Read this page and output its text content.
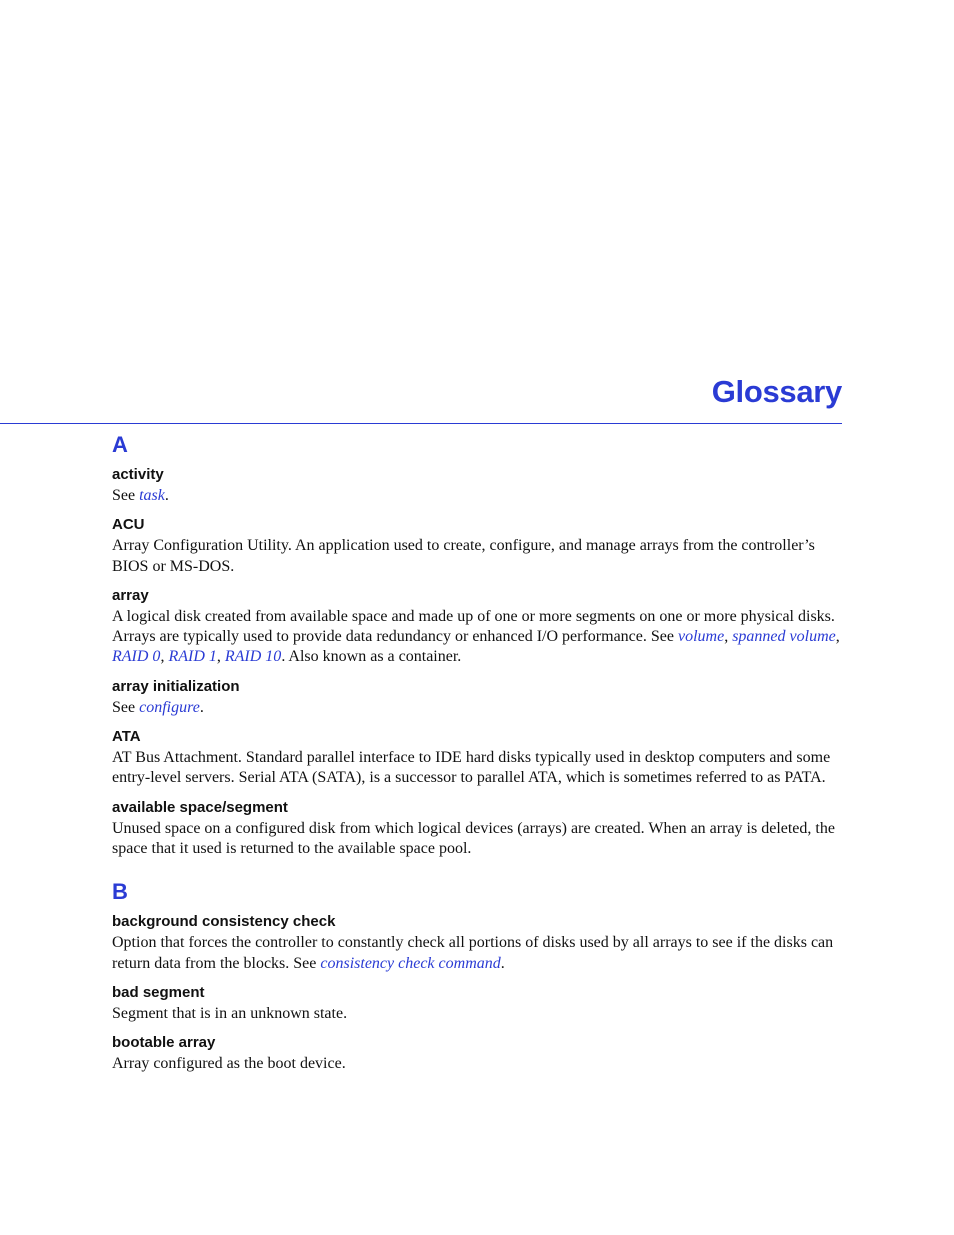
Glossary
A
activity

See task.

ACU

Array Configuration Utility. An application used to create, configure, and manage arrays from the controller’s BIOS or MS-DOS.

array

A logical disk created from available space and made up of one or more segments on one or more physical disks. Arrays are typically used to provide data redundancy or enhanced I/O performance. See volume, spanned volume, RAID 0, RAID 1, RAID 10. Also known as a container.

array initialization

See configure.

ATA

AT Bus Attachment. Standard parallel interface to IDE hard disks typically used in desktop computers and some entry-level servers. Serial ATA (SATA), is a successor to parallel ATA, which is sometimes referred to as PATA.

available space/segment

Unused space on a configured disk from which logical devices (arrays) are created. When an array is deleted, the space that it used is returned to the available space pool.

B
background consistency check

Option that forces the controller to constantly check all portions of disks used by all arrays to see if the disks can return data from the blocks. See consistency check command.

bad segment

Segment that is in an unknown state.

bootable array

Array configured as the boot device.
